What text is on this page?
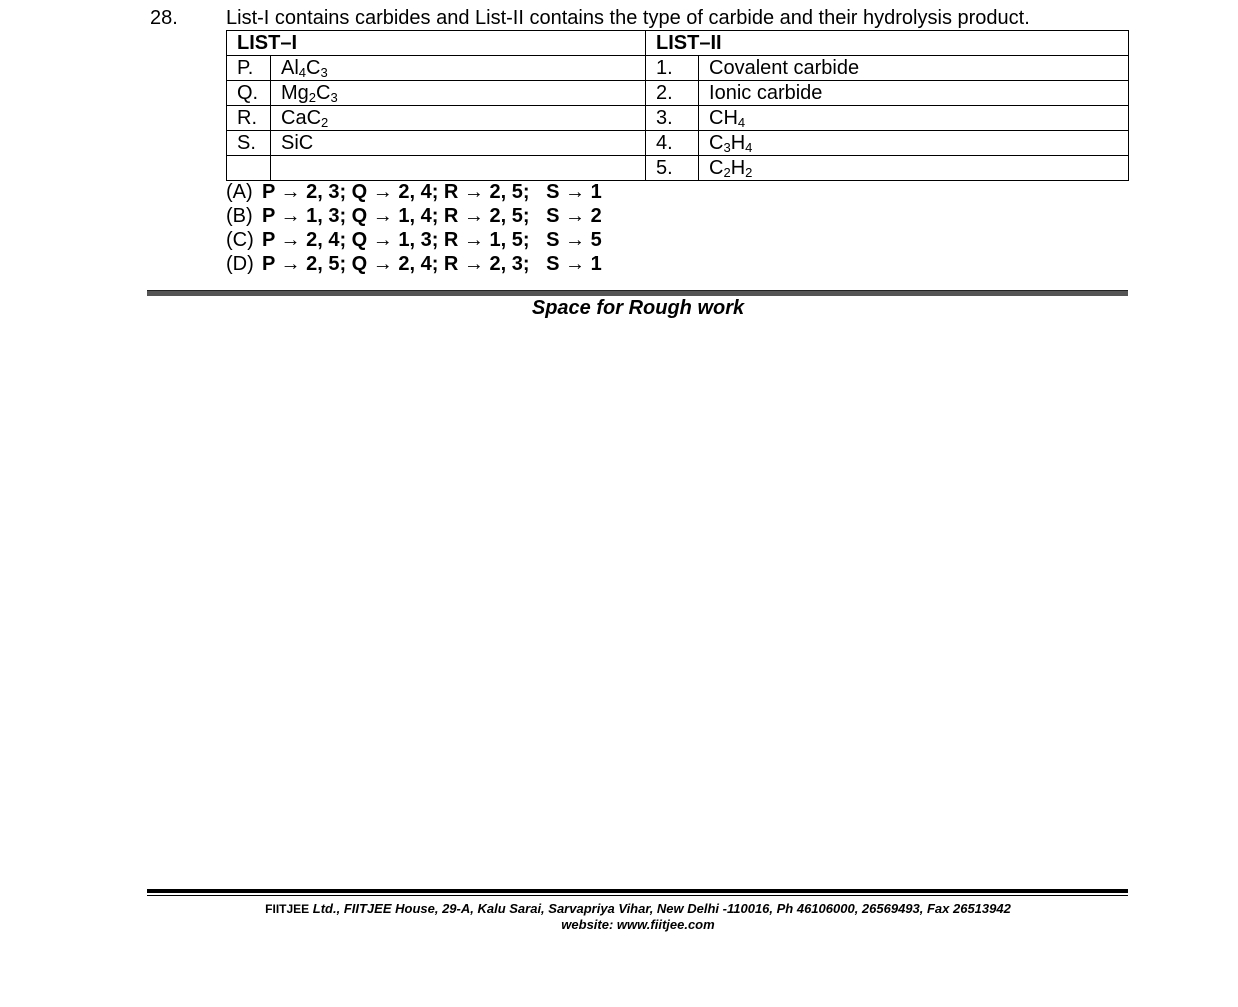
28. List-I contains carbides and List-II contains the type of carbide and their hydrolysis product.
LIST–I		LIST–II	
P.	$Al_4C_3$	1.	Covalent carbide
Q.	$Mg_2C_3$	2.	Ionic carbide
R.	CaC$_2$	3.	$CH_4$
S.	SiC	4.	$C_3H_4$
		5.	$C_2H_2$
(A) P → 2, 3; Q → 2, 4; R → 2, 5;   S → 1
(B) P → 1, 3; Q → 1, 4; R → 2, 5;   S → 2
(C) P → 2, 4; Q → 1, 3; R → 1, 5;   S → 5
(D) P → 2, 5; Q → 2, 4; R → 2, 3;   S → 1
Space for Rough work
FIITJEE Ltd., FIITJEE House, 29-A, Kalu Sarai, Sarvapriya Vihar, New Delhi -110016, Ph 46106000, 26569493, Fax 26513942
website: www.fiitjee.com
